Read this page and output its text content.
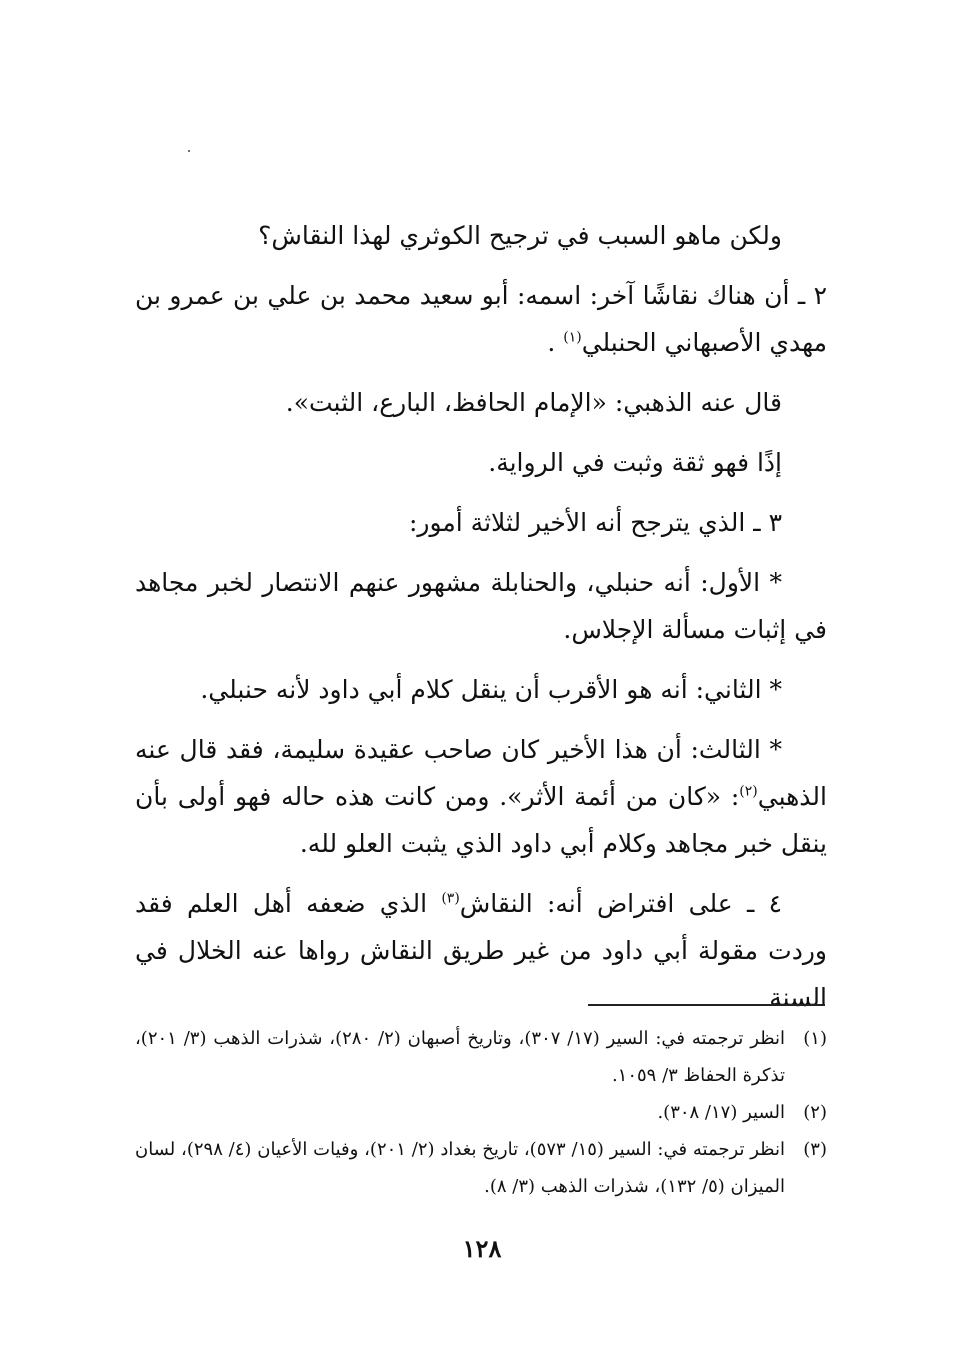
ولكن ماهو السبب في ترجيح الكوثري لهذا النقاش؟

٢ ـ أن هناك نقاشًا آخر: اسمه: أبو سعيد محمد بن علي بن عمرو بن مهدي الأصبهاني الحنبلي$^{(١)}$ .

قال عنه الذهبي: «الإمام الحافظ، البارع، الثبت».

إذًا فهو ثقة وثبت في الرواية.

٣ ـ الذي يترجح أنه الأخير لثلاثة أمور:

* الأول: أنه حنبلي، والحنابلة مشهور عنهم الانتصار لخبر مجاهد في إثبات مسألة الإجلاس.

* الثاني: أنه هو الأقرب أن ينقل كلام أبي داود لأنه حنبلي.

* الثالث: أن هذا الأخير كان صاحب عقيدة سليمة، فقد قال عنه الذهبي$^{(٢)}$: «كان من أئمة الأثر». ومن كانت هذه حاله فهو أولى بأن ينقل خبر مجاهد وكلام أبي داود الذي يثبت العلو لله.

٤ ـ على افتراض أنه: النقاش$^{(٣)}$ الذي ضعفه أهل العلم فقد وردت مقولة أبي داود من غير طريق النقاش رواها عنه الخلال في السنة

(١)
انظر ترجمته في: السير (١٧/ ٣٠٧)، وتاريخ أصبهان (٢/ ٢٨٠)، شذرات الذهب (٣/ ٢٠١)، تذكرة الحفاظ ٣/ ١٠٥٩.
(٢)
السير (١٧/ ٣٠٨).
(٣)
انظر ترجمته في: السير (١٥/ ٥٧٣)، تاريخ بغداد (٢/ ٢٠١)، وفيات الأعيان (٤/ ٢٩٨)، لسان الميزان (٥/ ١٣٢)، شذرات الذهب (٣/ ٨).
١٢٨
